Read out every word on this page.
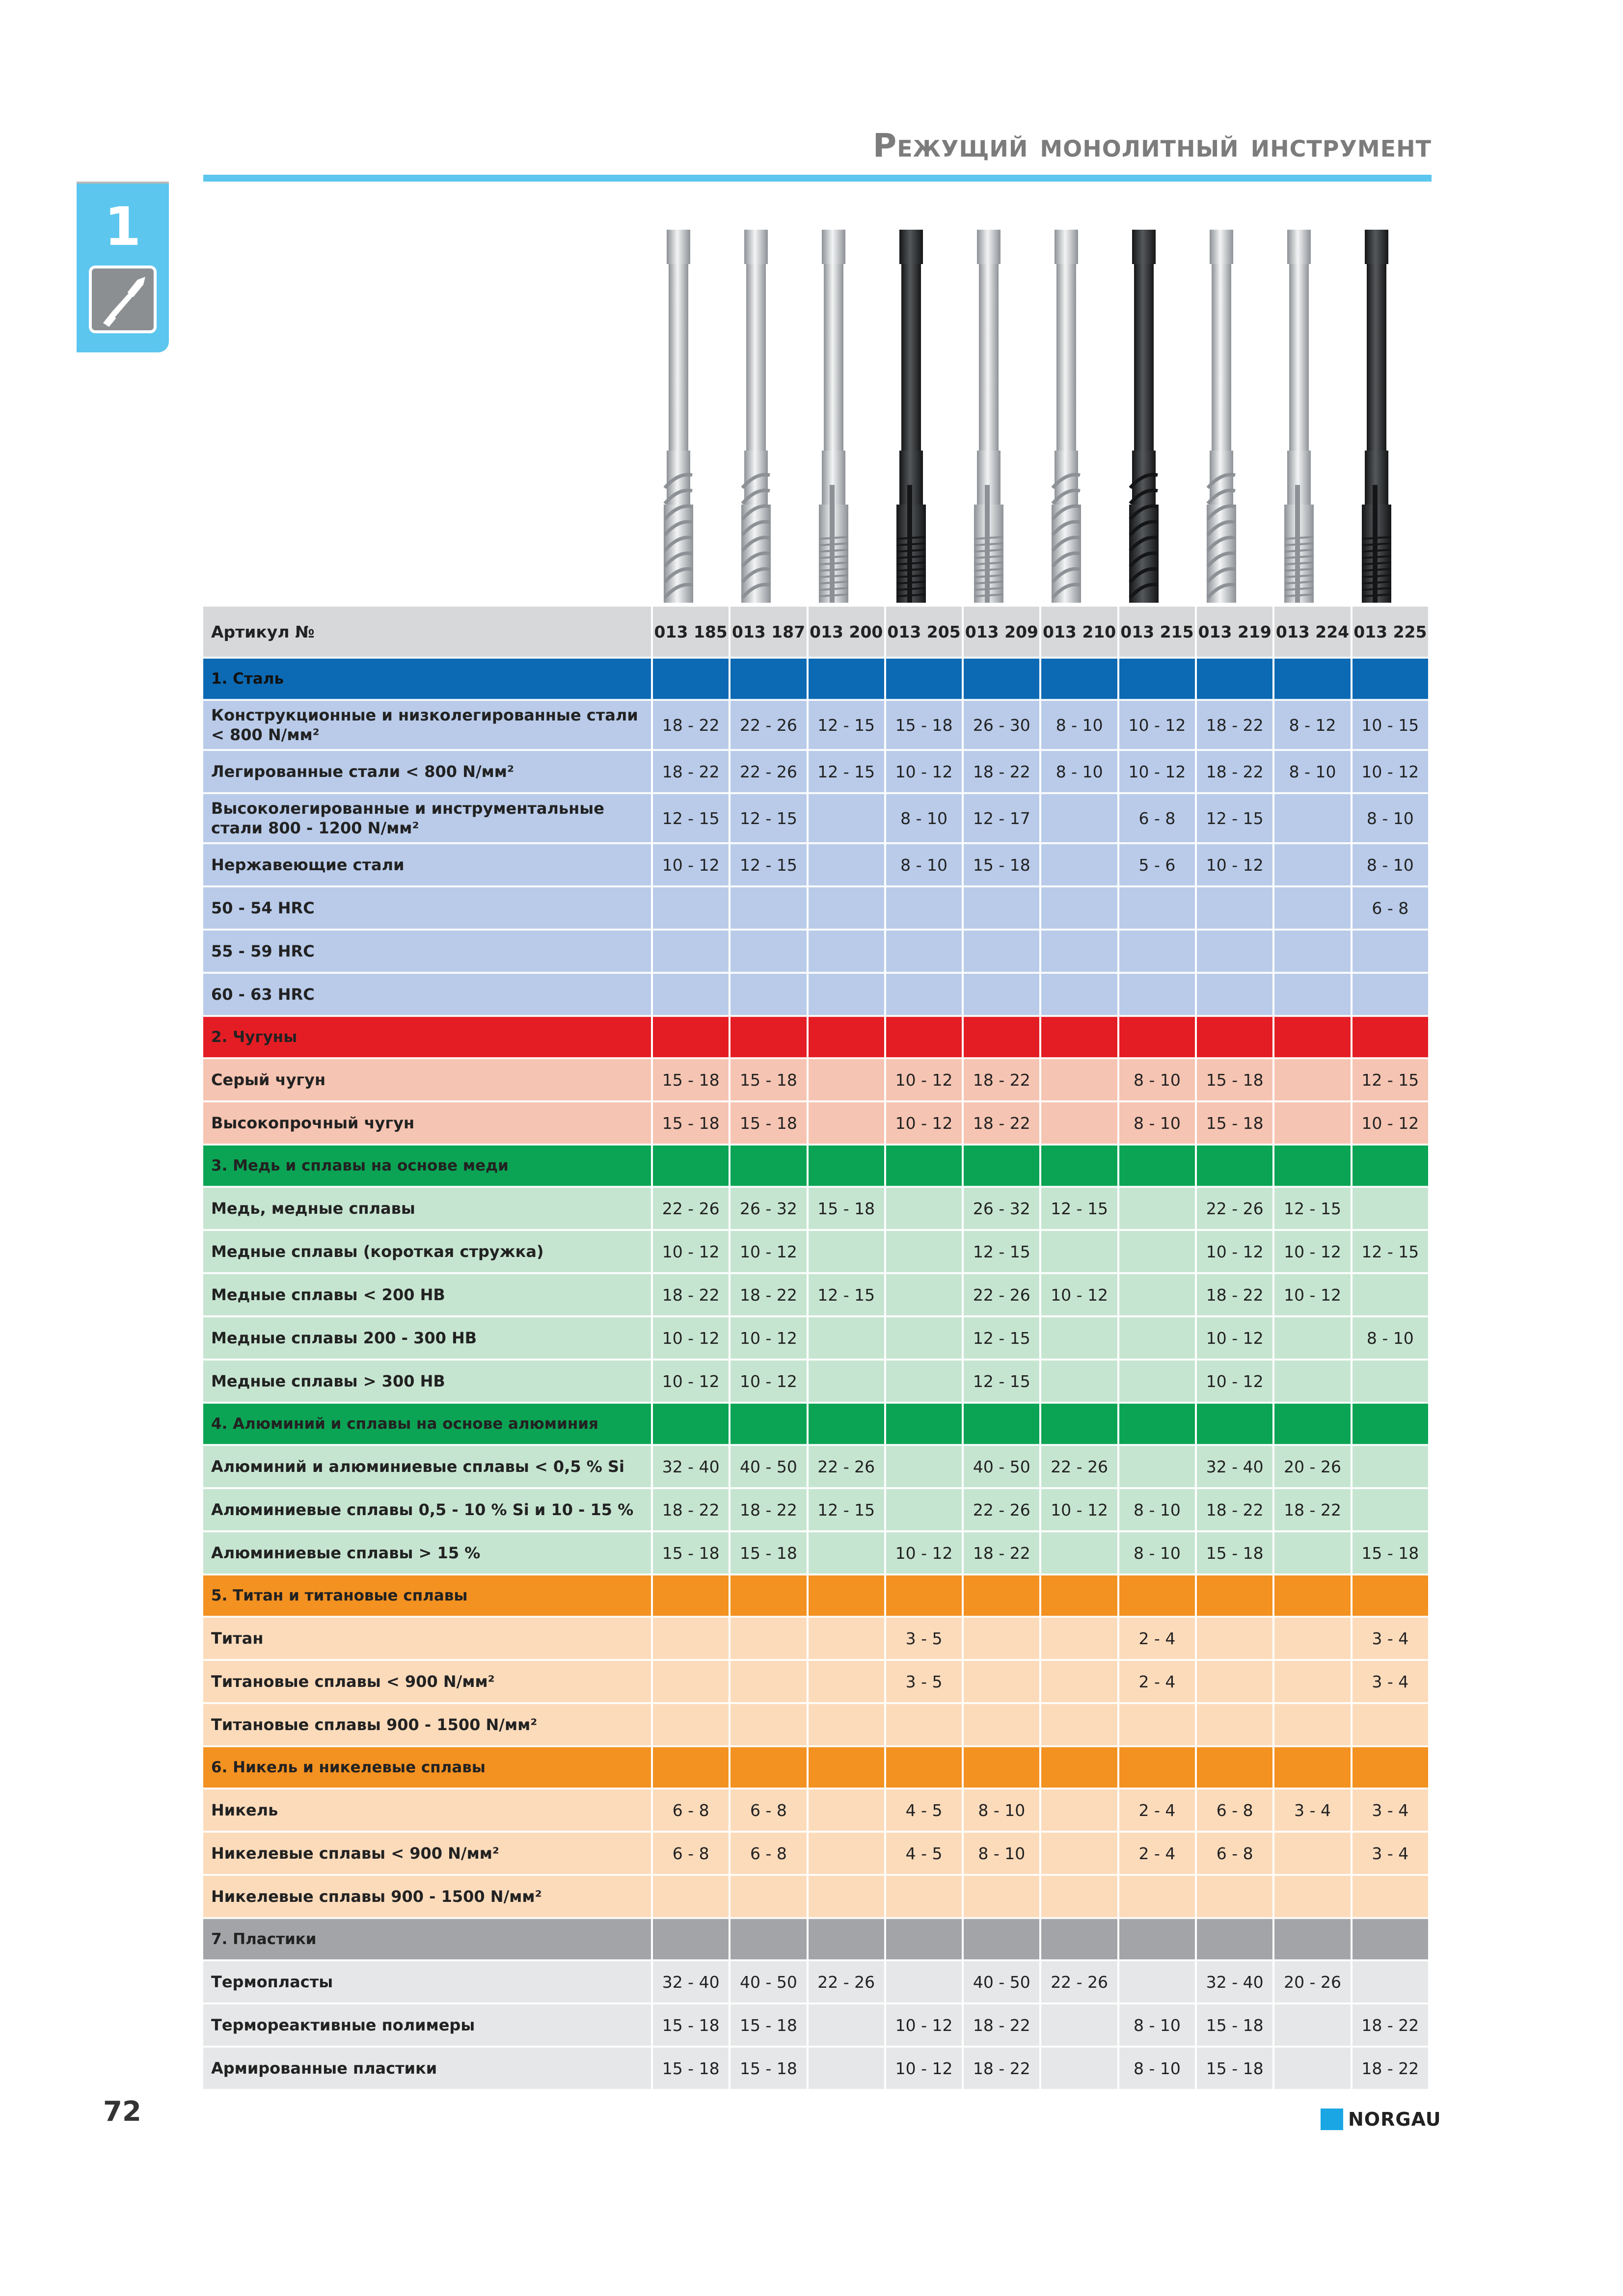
Режущий монолитный инструмент
1
Артикул №	013 185	013 187	013 200	013 205	013 209	013 210	013 215	013 219	013 224	013 225
1. Сталь										
Конструкционные и низколегированные стали < 800 N/мм²	18 - 22	22 - 26	12 - 15	15 - 18	26 - 30	8 - 10	10 - 12	18 - 22	8 - 12	10 - 15
Легированные стали < 800 N/мм²	18 - 22	22 - 26	12 - 15	10 - 12	18 - 22	8 - 10	10 - 12	18 - 22	8 - 10	10 - 12
Высоколегированные и инструментальные стали 800 - 1200 N/мм²	12 - 15	12 - 15		8 - 10	12 - 17		6 - 8	12 - 15		8 - 10
Нержавеющие стали	10 - 12	12 - 15		8 - 10	15 - 18		5 - 6	10 - 12		8 - 10
50 - 54 HRC										6 - 8
55 - 59 HRC										
60 - 63 HRC										
2. Чугуны										
Серый чугун	15 - 18	15 - 18		10 - 12	18 - 22		8 - 10	15 - 18		12 - 15
Высокопрочный чугун	15 - 18	15 - 18		10 - 12	18 - 22		8 - 10	15 - 18		10 - 12
3. Медь и сплавы на основе меди										
Медь, медные сплавы	22 - 26	26 - 32	15 - 18		26 - 32	12 - 15		22 - 26	12 - 15	
Медные сплавы (короткая стружка)	10 - 12	10 - 12			12 - 15			10 - 12	10 - 12	12 - 15
Медные сплавы < 200 HB	18 - 22	18 - 22	12 - 15		22 - 26	10 - 12		18 - 22	10 - 12	
Медные сплавы 200 - 300 HB	10 - 12	10 - 12			12 - 15			10 - 12		8 - 10
Медные сплавы > 300 HB	10 - 12	10 - 12			12 - 15			10 - 12		
4. Алюминий и сплавы на основе алюминия										
Алюминий и алюминиевые сплавы < 0,5 % Si	32 - 40	40 - 50	22 - 26		40 - 50	22 - 26		32 - 40	20 - 26	
Алюминиевые сплавы 0,5 - 10 % Si и 10 - 15 %	18 - 22	18 - 22	12 - 15		22 - 26	10 - 12	8 - 10	18 - 22	18 - 22	
Алюминиевые сплавы > 15 %	15 - 18	15 - 18		10 - 12	18 - 22		8 - 10	15 - 18		15 - 18
5. Титан и титановые сплавы										
Титан				3 - 5			2 - 4			3 - 4
Титановые сплавы < 900 N/мм²				3 - 5			2 - 4			3 - 4
Титановые сплавы 900 - 1500 N/мм²										
6. Никель и никелевые сплавы										
Никель	6 - 8	6 - 8		4 - 5	8 - 10		2 - 4	6 - 8	3 - 4	3 - 4
Никелевые сплавы < 900 N/мм²	6 - 8	6 - 8		4 - 5	8 - 10		2 - 4	6 - 8		3 - 4
Никелевые сплавы 900 - 1500 N/мм²										
7. Пластики										
Термопласты	32 - 40	40 - 50	22 - 26		40 - 50	22 - 26		32 - 40	20 - 26	
Термореактивные полимеры	15 - 18	15 - 18		10 - 12	18 - 22		8 - 10	15 - 18		18 - 22
Армированные пластики	15 - 18	15 - 18		10 - 12	18 - 22		8 - 10	15 - 18		18 - 22
72	NORGAU
